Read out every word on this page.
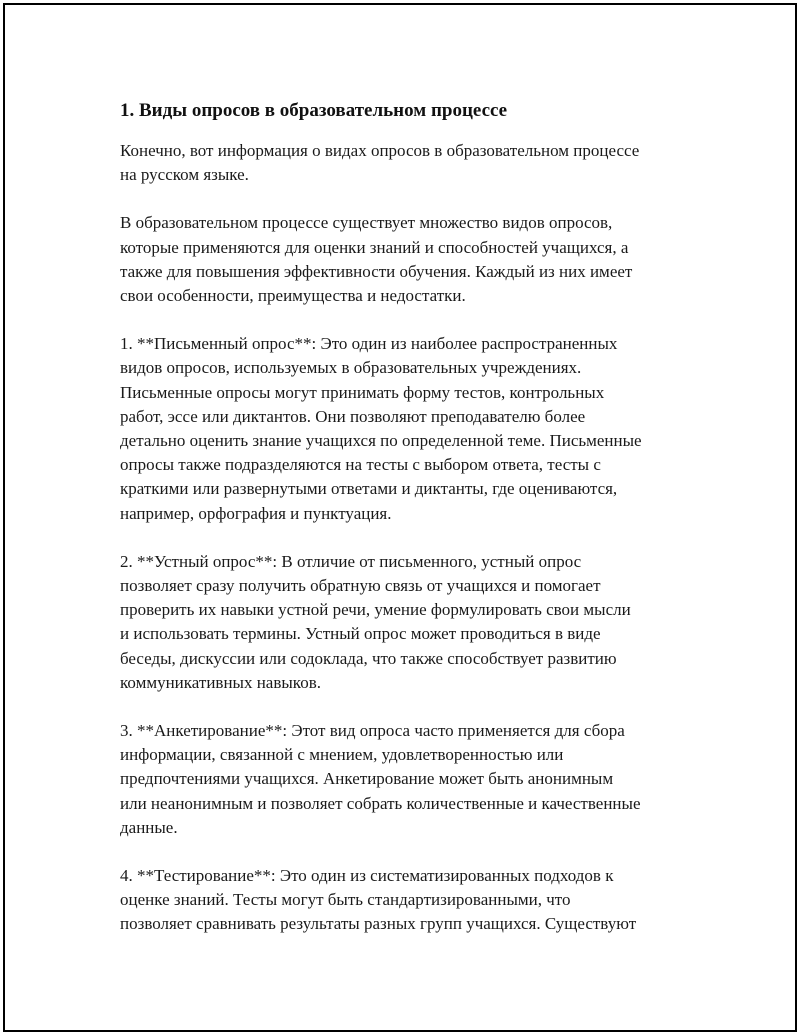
1. Виды опросов в образовательном процессе

Конечно, вот информация о видах опросов в образовательном процессе
на русском языке.

В образовательном процессе существует множество видов опросов,
которые применяются для оценки знаний и способностей учащихся, а
также для повышения эффективности обучения. Каждый из них имеет
свои особенности, преимущества и недостатки.

1. **Письменный опрос**: Это один из наиболее распространенных
видов опросов, используемых в образовательных учреждениях.
Письменные опросы могут принимать форму тестов, контрольных
работ, эссе или диктантов. Они позволяют преподавателю более
детально оценить знание учащихся по определенной теме. Письменные
опросы также подразделяются на тесты с выбором ответа, тесты с
краткими или развернутыми ответами и диктанты, где оцениваются,
например, орфография и пунктуация.

2. **Устный опрос**: В отличие от письменного, устный опрос
позволяет сразу получить обратную связь от учащихся и помогает
проверить их навыки устной речи, умение формулировать свои мысли
и использовать термины. Устный опрос может проводиться в виде
беседы, дискуссии или содоклада, что также способствует развитию
коммуникативных навыков.

3. **Анкетирование**: Этот вид опроса часто применяется для сбора
информации, связанной с мнением, удовлетворенностью или
предпочтениями учащихся. Анкетирование может быть анонимным
или неанонимным и позволяет собрать количественные и качественные
данные.

4. **Тестирование**: Это один из систематизированных подходов к
оценке знаний. Тесты могут быть стандартизированными, что
позволяет сравнивать результаты разных групп учащихся. Существуют
